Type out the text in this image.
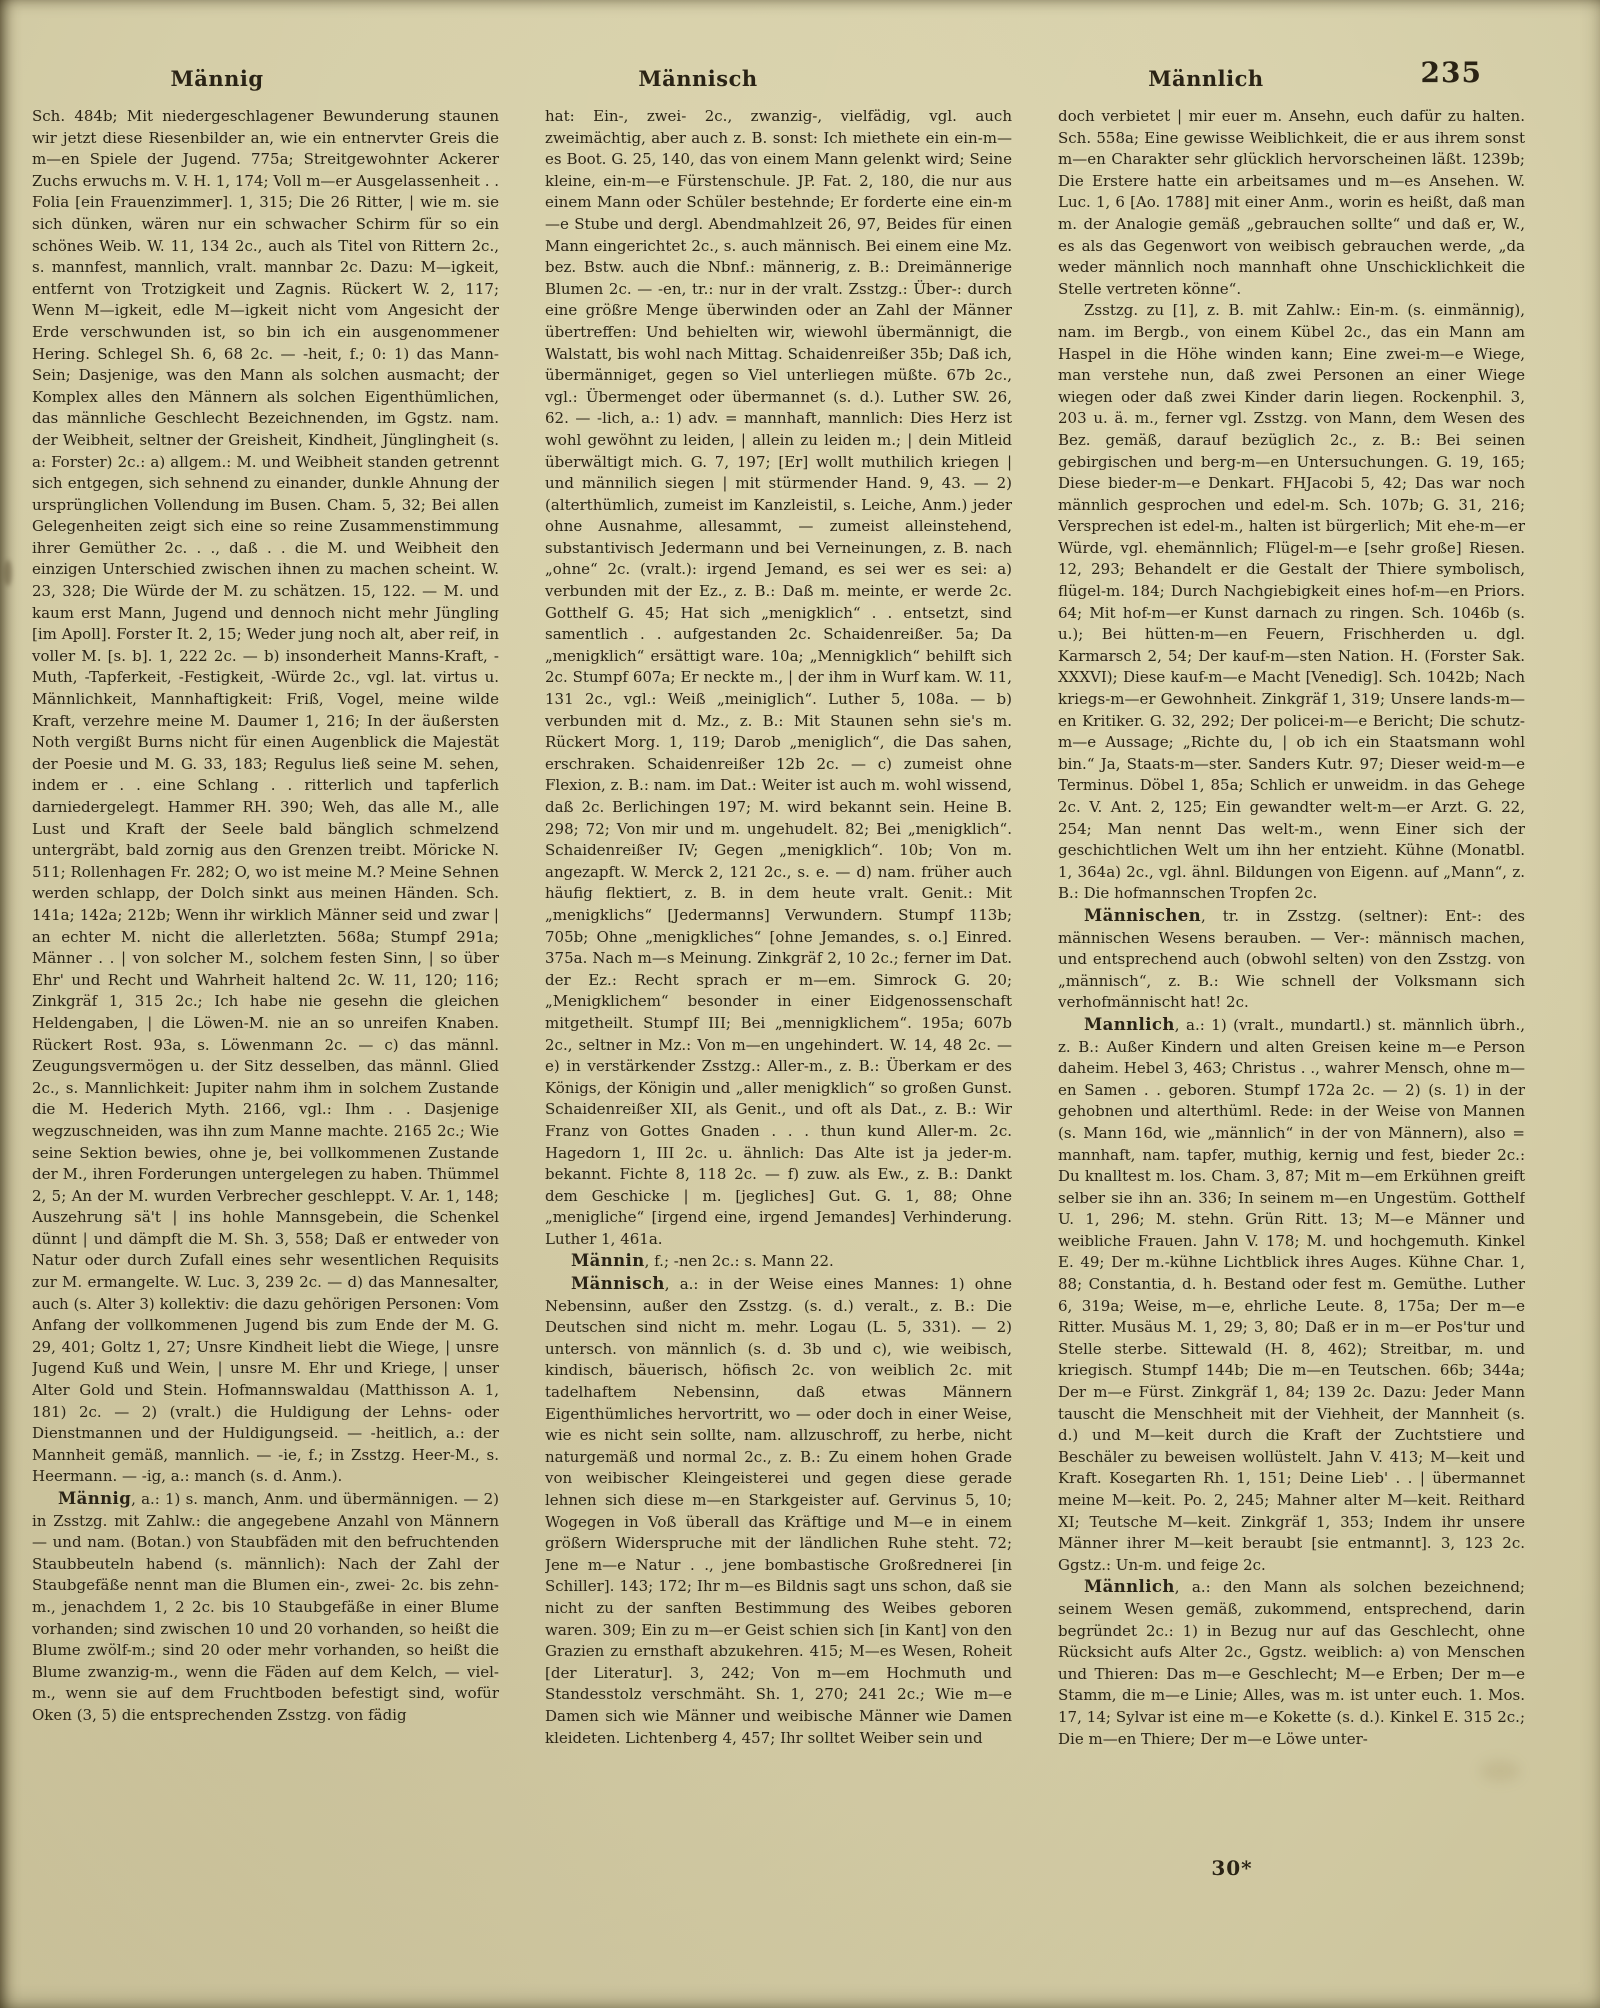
Männig	Männisch	Männlich	235

Sch. 484b; Mit niedergeschlagener Bewunderung staunen wir jetzt diese Riesenbilder an, wie ein entnervter Greis die m—en Spiele der Jugend. 775a; Streitgewohnter Ackerer Zuchs erwuchs m. V. H. 1, 174; Voll m—er Ausgelassenheit . . Folia [ein Frauenzimmer]. 1, 315; Die 26 Ritter, | wie m. sie sich dünken, wären nur ein schwacher Schirm für so ein schönes Weib. W. 11, 134 2c., auch als Titel von Rittern 2c., s. mannfest, mannlich, vralt. mannbar 2c. Dazu: M—igkeit, entfernt von Trotzigkeit und Zagnis. Rückert W. 2, 117; Wenn M—igkeit, edle M—igkeit nicht vom Angesicht der Erde verschwunden ist, so bin ich ein ausgenommener Hering. Schlegel Sh. 6, 68 2c. — -heit, f.; 0: 1) das Mann-Sein; Dasjenige, was den Mann als solchen ausmacht; der Komplex alles den Männern als solchen Eigenthümlichen, das männliche Geschlecht Bezeichnenden, im Ggstz. nam. der Weibheit, seltner der Greisheit, Kindheit, Jünglingheit (s. a: Forster) 2c.: a) allgem.: M. und Weibheit standen getrennt sich entgegen, sich sehnend zu einander, dunkle Ahnung der ursprünglichen Vollendung im Busen. Cham. 5, 32; Bei allen Gelegenheiten zeigt sich eine so reine Zusammenstimmung ihrer Gemüther 2c. . ., daß . . die M. und Weibheit den einzigen Unterschied zwischen ihnen zu machen scheint. W. 23, 328; Die Würde der M. zu schätzen. 15, 122. — M. und kaum erst Mann, Jugend und dennoch nicht mehr Jüngling [im Apoll]. Forster It. 2, 15; Weder jung noch alt, aber reif, in voller M. [s. b]. 1, 222 2c. — b) insonderheit Manns-Kraft, -Muth, -Tapferkeit, -Festigkeit, -Würde 2c., vgl. lat. virtus u. Männlichkeit, Mannhaftigkeit: Friß, Vogel, meine wilde Kraft, verzehre meine M. Daumer 1, 216; In der äußersten Noth vergißt Burns nicht für einen Augenblick die Majestät der Poesie und M. G. 33, 183; Regulus ließ seine M. sehen, indem er . . eine Schlang . . ritterlich und tapferlich darniedergelegt. Hammer RH. 390; Weh, das alle M., alle Lust und Kraft der Seele bald bänglich schmelzend untergräbt, bald zornig aus den Grenzen treibt. Möricke N. 511; Rollenhagen Fr. 282; O, wo ist meine M.? Meine Sehnen werden schlapp, der Dolch sinkt aus meinen Händen. Sch. 141a; 142a; 212b; Wenn ihr wirklich Männer seid und zwar | an echter M. nicht die allerletzten. 568a; Stumpf 291a; Männer . . | von solcher M., solchem festen Sinn, | so über Ehr' und Recht und Wahrheit haltend 2c. W. 11, 120; 116; Zinkgräf 1, 315 2c.; Ich habe nie gesehn die gleichen Heldengaben, | die Löwen-M. nie an so unreifen Knaben. Rückert Rost. 93a, s. Löwenmann 2c. — c) das männl. Zeugungsvermögen u. der Sitz desselben, das männl. Glied 2c., s. Mannlichkeit: Jupiter nahm ihm in solchem Zustande die M. Hederich Myth. 2166, vgl.: Ihm . . Dasjenige wegzuschneiden, was ihn zum Manne machte. 2165 2c.; Wie seine Sektion bewies, ohne je, bei vollkommenen Zustande der M., ihren Forderungen untergelegen zu haben. Thümmel 2, 5; An der M. wurden Verbrecher geschleppt. V. Ar. 1, 148; Auszehrung sä't | ins hohle Mannsgebein, die Schenkel dünnt | und dämpft die M. Sh. 3, 558; Daß er entweder von Natur oder durch Zufall eines sehr wesentlichen Requisits zur M. ermangelte. W. Luc. 3, 239 2c. — d) das Mannesalter, auch (s. Alter 3) kollektiv: die dazu gehörigen Personen: Vom Anfang der vollkommenen Jugend bis zum Ende der M. G. 29, 401; Goltz 1, 27; Unsre Kindheit liebt die Wiege, | unsre Jugend Kuß und Wein, | unsre M. Ehr und Kriege, | unser Alter Gold und Stein. Hofmannswaldau (Matthisson A. 1, 181) 2c. — 2) (vralt.) die Huldigung der Lehns- oder Dienstmannen und der Huldigungseid. — -heitlich, a.: der Mannheit gemäß, mannlich. — -ie, f.; in Zsstzg. Heer-M., s. Heermann. — -ig, a.: manch (s. d. Anm.).

Männig, a.: 1) s. manch, Anm. und übermännigen. — 2) in Zsstzg. mit Zahlw.: die angegebene Anzahl von Männern — und nam. (Botan.) von Staubfäden mit den befruchtenden Staubbeuteln habend (s. männlich): Nach der Zahl der Staubgefäße nennt man die Blumen ein-, zwei- 2c. bis zehn-m., jenachdem 1, 2 2c. bis 10 Staubgefäße in einer Blume vorhanden; sind zwischen 10 und 20 vorhanden, so heißt die Blume zwölf-m.; sind 20 oder mehr vorhanden, so heißt die Blume zwanzig-m., wenn die Fäden auf dem Kelch, — viel-m., wenn sie auf dem Fruchtboden befestigt sind, wofür Oken (3, 5) die entsprechenden Zsstzg. von fädig

hat: Ein-, zwei- 2c., zwanzig-, vielfädig, vgl. auch zweimächtig, aber auch z. B. sonst: Ich miethete ein ein-m—es Boot. G. 25, 140, das von einem Mann gelenkt wird; Seine kleine, ein-m—e Fürstenschule. JP. Fat. 2, 180, die nur aus einem Mann oder Schüler bestehnde; Er forderte eine ein-m—e Stube und dergl. Abendmahlzeit 26, 97, Beides für einen Mann eingerichtet 2c., s. auch männisch. Bei einem eine Mz. bez. Bstw. auch die Nbnf.: männerig, z. B.: Dreimännerige Blumen 2c. — -en, tr.: nur in der vralt. Zsstzg.: Über-: durch eine größre Menge überwinden oder an Zahl der Männer übertreffen: Und behielten wir, wiewohl übermännigt, die Walstatt, bis wohl nach Mittag. Schaidenreißer 35b; Daß ich, übermänniget, gegen so Viel unterliegen müßte. 67b 2c., vgl.: Übermenget oder übermannet (s. d.). Luther SW. 26, 62. — -lich, a.: 1) adv. = mannhaft, mannlich: Dies Herz ist wohl gewöhnt zu leiden, | allein zu leiden m.; | dein Mitleid überwältigt mich. G. 7, 197; [Er] wollt muthilich kriegen | und männilich siegen | mit stürmender Hand. 9, 43. — 2) (alterthümlich, zumeist im Kanzleistil, s. Leiche, Anm.) jeder ohne Ausnahme, allesammt, — zumeist alleinstehend, substantivisch Jedermann und bei Verneinungen, z. B. nach „ohne“ 2c. (vralt.): irgend Jemand, es sei wer es sei: a) verbunden mit der Ez., z. B.: Daß m. meinte, er werde 2c. Gotthelf G. 45; Hat sich „menigklich“ . . entsetzt, sind samentlich . . aufgestanden 2c. Schaidenreißer. 5a; Da „menigklich“ ersättigt ware. 10a; „Mennigklich“ behilft sich 2c. Stumpf 607a; Er neckte m., | der ihm in Wurf kam. W. 11, 131 2c., vgl.: Weiß „meiniglich“. Luther 5, 108a. — b) verbunden mit d. Mz., z. B.: Mit Staunen sehn sie's m. Rückert Morg. 1, 119; Darob „meniglich“, die Das sahen, erschraken. Schaidenreißer 12b 2c. — c) zumeist ohne Flexion, z. B.: nam. im Dat.: Weiter ist auch m. wohl wissend, daß 2c. Berlichingen 197; M. wird bekannt sein. Heine B. 298; 72; Von mir und m. ungehudelt. 82; Bei „menigklich“. Schaidenreißer IV; Gegen „menigklich“. 10b; Von m. angezapft. W. Merck 2, 121 2c., s. e. — d) nam. früher auch häufig flektiert, z. B. in dem heute vralt. Genit.: Mit „menigklichs“ [Jedermanns] Verwundern. Stumpf 113b; 705b; Ohne „menigkliches“ [ohne Jemandes, s. o.] Einred. 375a. Nach m—s Meinung. Zinkgräf 2, 10 2c.; ferner im Dat. der Ez.: Recht sprach er m—em. Simrock G. 20; „Menigklichem“ besonder in einer Eidgenossenschaft mitgetheilt. Stumpf III; Bei „mennigklichem“. 195a; 607b 2c., seltner in Mz.: Von m—en ungehindert. W. 14, 48 2c. — e) in verstärkender Zsstzg.: Aller-m., z. B.: Überkam er des Königs, der Königin und „aller menigklich“ so großen Gunst. Schaidenreißer XII, als Genit., und oft als Dat., z. B.: Wir Franz von Gottes Gnaden . . . thun kund Aller-m. 2c. Hagedorn 1, III 2c. u. ähnlich: Das Alte ist ja jeder-m. bekannt. Fichte 8, 118 2c. — f) zuw. als Ew., z. B.: Dankt dem Geschicke | m. [jegliches] Gut. G. 1, 88; Ohne „menigliche“ [irgend eine, irgend Jemandes] Verhinderung. Luther 1, 461a.

Männin, f.; -nen 2c.: s. Mann 22.

Männisch, a.: in der Weise eines Mannes: 1) ohne Nebensinn, außer den Zsstzg. (s. d.) veralt., z. B.: Die Deutschen sind nicht m. mehr. Logau (L. 5, 331). — 2) untersch. von männlich (s. d. 3b und c), wie weibisch, kindisch, bäuerisch, höfisch 2c. von weiblich 2c. mit tadelhaftem Nebensinn, daß etwas Männern Eigenthümliches hervortritt, wo — oder doch in einer Weise, wie es nicht sein sollte, nam. allzuschroff, zu herbe, nicht naturgemäß und normal 2c., z. B.: Zu einem hohen Grade von weibischer Kleingeisterei und gegen diese gerade lehnen sich diese m—en Starkgeister auf. Gervinus 5, 10; Wogegen in Voß überall das Kräftige und M—e in einem größern Widerspruche mit der ländlichen Ruhe steht. 72; Jene m—e Natur . ., jene bombastische Großrednerei [in Schiller]. 143; 172; Ihr m—es Bildnis sagt uns schon, daß sie nicht zu der sanften Bestimmung des Weibes geboren waren. 309; Ein zu m—er Geist schien sich [in Kant] von den Grazien zu ernsthaft abzukehren. 415; M—es Wesen, Roheit [der Literatur]. 3, 242; Von m—em Hochmuth und Standesstolz verschmäht. Sh. 1, 270; 241 2c.; Wie m—e Damen sich wie Männer und weibische Männer wie Damen kleideten. Lichtenberg 4, 457; Ihr solltet Weiber sein und

doch verbietet | mir euer m. Ansehn, euch dafür zu halten. Sch. 558a; Eine gewisse Weiblichkeit, die er aus ihrem sonst m—en Charakter sehr glücklich hervorscheinen läßt. 1239b; Die Erstere hatte ein arbeitsames und m—es Ansehen. W. Luc. 1, 6 [Ao. 1788] mit einer Anm., worin es heißt, daß man m. der Analogie gemäß „gebrauchen sollte“ und daß er, W., es als das Gegenwort von weibisch gebrauchen werde, „da weder männlich noch mannhaft ohne Unschicklichkeit die Stelle vertreten könne“.

Zsstzg. zu [1], z. B. mit Zahlw.: Ein-m. (s. einmännig), nam. im Bergb., von einem Kübel 2c., das ein Mann am Haspel in die Höhe winden kann; Eine zwei-m—e Wiege, man verstehe nun, daß zwei Personen an einer Wiege wiegen oder daß zwei Kinder darin liegen. Rockenphil. 3, 203 u. ä. m., ferner vgl. Zsstzg. von Mann, dem Wesen des Bez. gemäß, darauf bezüglich 2c., z. B.: Bei seinen gebirgischen und berg-m—en Untersuchungen. G. 19, 165; Diese bieder-m—e Denkart. FHJacobi 5, 42; Das war noch männlich gesprochen und edel-m. Sch. 107b; G. 31, 216; Versprechen ist edel-m., halten ist bürgerlich; Mit ehe-m—er Würde, vgl. ehemännlich; Flügel-m—e [sehr große] Riesen. 12, 293; Behandelt er die Gestalt der Thiere symbolisch, flügel-m. 184; Durch Nachgiebigkeit eines hof-m—en Priors. 64; Mit hof-m—er Kunst darnach zu ringen. Sch. 1046b (s. u.); Bei hütten-m—en Feuern, Frischherden u. dgl. Karmarsch 2, 54; Der kauf-m—sten Nation. H. (Forster Sak. XXXVI); Diese kauf-m—e Macht [Venedig]. Sch. 1042b; Nach kriegs-m—er Gewohnheit. Zinkgräf 1, 319; Unsere lands-m—en Kritiker. G. 32, 292; Der policei-m—e Bericht; Die schutz-m—e Aussage; „Richte du, | ob ich ein Staatsmann wohl bin.“ Ja, Staats-m—ster. Sanders Kutr. 97; Dieser weid-m—e Terminus. Döbel 1, 85a; Schlich er unweidm. in das Gehege 2c. V. Ant. 2, 125; Ein gewandter welt-m—er Arzt. G. 22, 254; Man nennt Das welt-m., wenn Einer sich der geschichtlichen Welt um ihn her entzieht. Kühne (Monatbl. 1, 364a) 2c., vgl. ähnl. Bildungen von Eigenn. auf „Mann“, z. B.: Die hofmannschen Tropfen 2c.

Männischen, tr. in Zsstzg. (seltner): Ent-: des männischen Wesens berauben. — Ver-: männisch machen, und entsprechend auch (obwohl selten) von den Zsstzg. von „männisch“, z. B.: Wie schnell der Volksmann sich verhofmännischt hat! 2c.

Mannlich, a.: 1) (vralt., mundartl.) st. männlich übrh., z. B.: Außer Kindern und alten Greisen keine m—e Person daheim. Hebel 3, 463; Christus . ., wahrer Mensch, ohne m—en Samen . . geboren. Stumpf 172a 2c. — 2) (s. 1) in der gehobnen und alterthüml. Rede: in der Weise von Mannen (s. Mann 16d, wie „männlich“ in der von Männern), also = mannhaft, nam. tapfer, muthig, kernig und fest, bieder 2c.: Du knalltest m. los. Cham. 3, 87; Mit m—em Erkühnen greift selber sie ihn an. 336; In seinem m—en Ungestüm. Gotthelf U. 1, 296; M. stehn. Grün Ritt. 13; M—e Männer und weibliche Frauen. Jahn V. 178; M. und hochgemuth. Kinkel E. 49; Der m.-kühne Lichtblick ihres Auges. Kühne Char. 1, 88; Constantia, d. h. Bestand oder fest m. Gemüthe. Luther 6, 319a; Weise, m—e, ehrliche Leute. 8, 175a; Der m—e Ritter. Musäus M. 1, 29; 3, 80; Daß er in m—er Pos'tur und Stelle sterbe. Sittewald (H. 8, 462); Streitbar, m. und kriegisch. Stumpf 144b; Die m—en Teutschen. 66b; 344a; Der m—e Fürst. Zinkgräf 1, 84; 139 2c. Dazu: Jeder Mann tauscht die Menschheit mit der Viehheit, der Mannheit (s. d.) und M—keit durch die Kraft der Zuchtstiere und Beschäler zu beweisen wollüstelt. Jahn V. 413; M—keit und Kraft. Kosegarten Rh. 1, 151; Deine Lieb' . . | übermannet meine M—keit. Po. 2, 245; Mahner alter M—keit. Reithard XI; Teutsche M—keit. Zinkgräf 1, 353; Indem ihr unsere Männer ihrer M—keit beraubt [sie entmannt]. 3, 123 2c. Ggstz.: Un-m. und feige 2c.

Männlich, a.: den Mann als solchen bezeichnend; seinem Wesen gemäß, zukommend, entsprechend, darin begründet 2c.: 1) in Bezug nur auf das Geschlecht, ohne Rücksicht aufs Alter 2c., Ggstz. weiblich: a) von Menschen und Thieren: Das m—e Geschlecht; M—e Erben; Der m—e Stamm, die m—e Linie; Alles, was m. ist unter euch. 1. Mos. 17, 14; Sylvar ist eine m—e Kokette (s. d.). Kinkel E. 315 2c.; Die m—en Thiere; Der m—e Löwe unter-

30*
